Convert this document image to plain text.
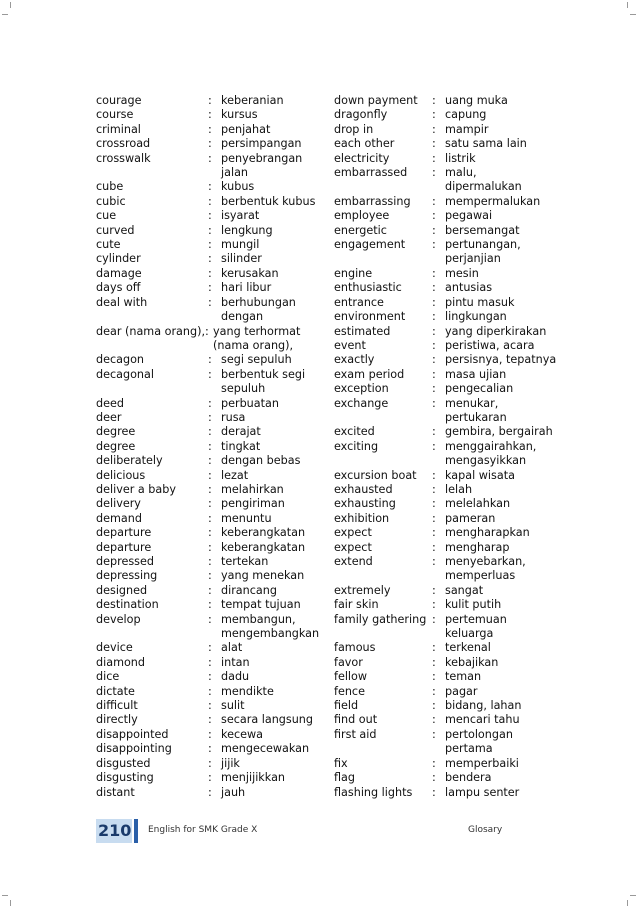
courage	: keberanian
course	: kursus
criminal	: penjahat
crossroad	: persimpangan
crosswalk	: penyebrangan
jalan
cube	: kubus
cubic	: berbentuk kubus
cue	: isyarat
curved	: lengkung
cute	: mungil
cylinder	: silinder
damage	: kerusakan
days off	: hari libur
deal with	: berhubungan
dengan
dear (nama orang), : yang terhormat
(nama orang),
decagon	: segi sepuluh
decagonal	: berbentuk segi
sepuluh
deed	: perbuatan
deer	: rusa
degree	: derajat
degree	: tingkat
deliberately	: dengan bebas
delicious	: lezat
deliver a baby	: melahirkan
delivery	: pengiriman
demand	: menuntu
departure	: keberangkatan
departure	: keberangkatan
depressed	: tertekan
depressing	: yang menekan
designed	: dirancang
destination	: tempat tujuan
develop	: membangun,
mengembangkan
device	: alat
diamond	: intan
dice	: dadu
dictate	: mendikte
difficult	: sulit
directly	: secara langsung
disappointed	: kecewa
disappointing	: mengecewakan
disgusted	: jijik
disgusting	: menjijikkan
distant	: jauh
down payment	: uang muka
dragonfly	: capung
drop in	: mampir
each other	: satu sama lain
electricity	: listrik
embarrassed	: malu,
dipermalukan
embarrassing	: mempermalukan
employee	: pegawai
energetic	: bersemangat
engagement	: pertunangan,
perjanjian
engine	: mesin
enthusiastic	: antusias
entrance	: pintu masuk
environment	: lingkungan
estimated	: yang diperkirakan
event	: peristiwa, acara
exactly	: persisnya, tepatnya
exam period	: masa ujian
exception	: pengecalian
exchange	: menukar,
pertukaran
excited	: gembira, bergairah
exciting	: menggairahkan,
mengasyikkan
excursion boat	: kapal wisata
exhausted	: lelah
exhausting	: melelahkan
exhibition	: pameran
expect	: mengharapkan
expect	: mengharap
extend	: menyebarkan,
memperluas
extremely	: sangat
fair skin	: kulit putih
family gathering : pertemuan
keluarga
famous	: terkenal
favor	: kebajikan
fellow	: teman
fence	: pagar
field	: bidang, lahan
find out	: mencari tahu
first aid	: pertolongan
pertama
fix	: memperbaiki
flag	: bendera
flashing lights	: lampu senter
210 English for SMK Grade X	Glosary
